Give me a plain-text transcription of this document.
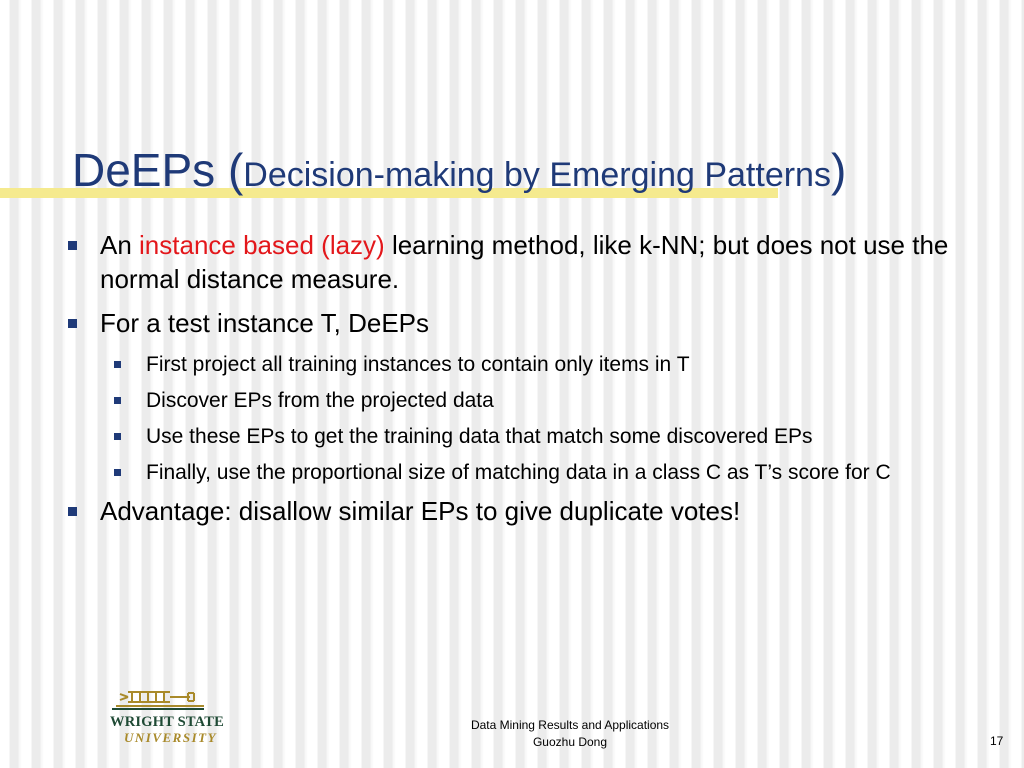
DeEPs (Decision-making by Emerging Patterns)
An instance based (lazy) learning method, like k-NN; but does not use the normal distance measure.
For a test instance T, DeEPs
First project all training instances to contain only items in T
Discover EPs from the projected data
Use these EPs to get the training data that match some discovered EPs
Finally, use the proportional size of matching data in a class C as T’s score for C
Advantage: disallow similar EPs to give duplicate votes!
WRIGHT STATE
UNIVERSITY
Data Mining Results and Applications
Guozhu Dong	17
